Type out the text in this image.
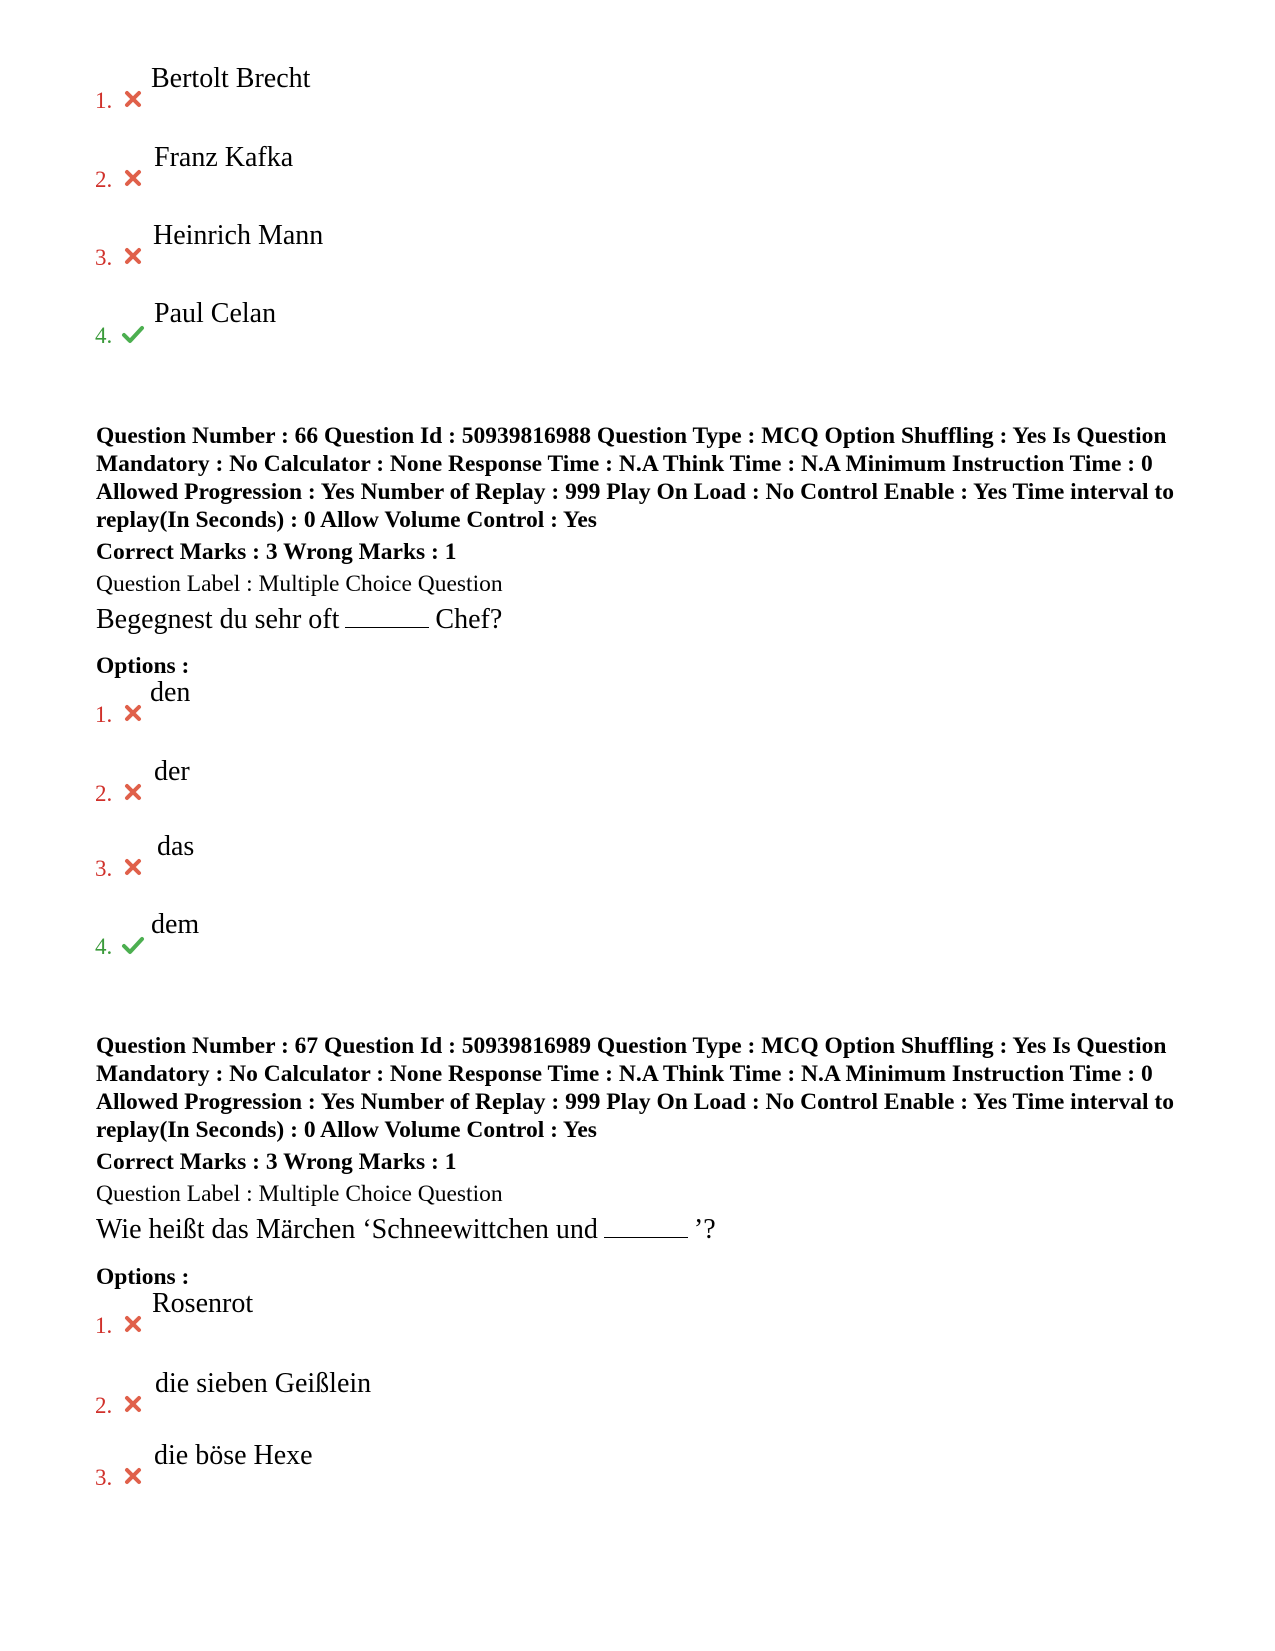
1.
Bertolt Brecht
2.
Franz Kafka
3.
Heinrich Mann
4.
Paul Celan

Question Number : 66 Question Id : 50939816988 Question Type : MCQ Option Shuffling : Yes Is Question Mandatory : No Calculator : None Response Time : N.A Think Time : N.A Minimum Instruction Time : 0 Allowed Progression : Yes Number of Replay : 999 Play On Load : No Control Enable : Yes Time interval to replay(In Seconds) : 0 Allow Volume Control : Yes

Correct Marks : 3 Wrong Marks : 1

Question Label : Multiple Choice Question

Begegnest du sehr oft	Chef?
Options :
1.
den
2.
der
3.
das
4.
dem

Question Number : 67 Question Id : 50939816989 Question Type : MCQ Option Shuffling : Yes Is Question Mandatory : No Calculator : None Response Time : N.A Think Time : N.A Minimum Instruction Time : 0 Allowed Progression : Yes Number of Replay : 999 Play On Load : No Control Enable : Yes Time interval to replay(In Seconds) : 0 Allow Volume Control : Yes

Correct Marks : 3 Wrong Marks : 1

Question Label : Multiple Choice Question

Wie heißt das Märchen ‘Schneewittchen und	’?
Options :
1.
Rosenrot
2.
die sieben Geißlein
3.
die böse Hexe
